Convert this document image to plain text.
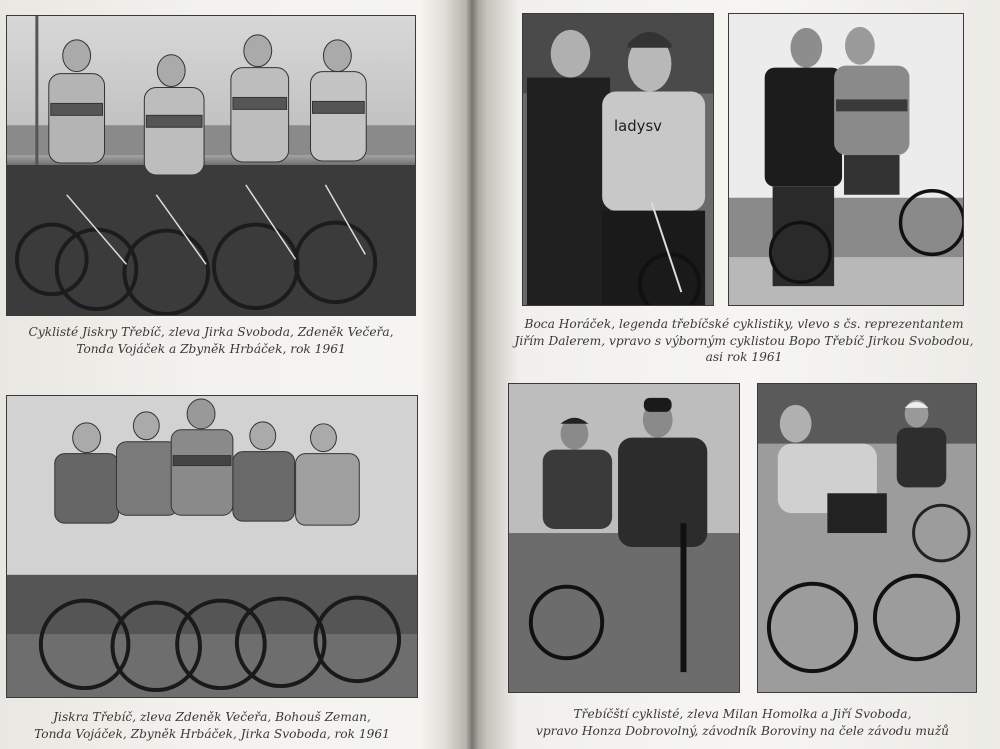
Cyklisté Jiskry Třebíč, zleva Jirka Svoboda, Zdeněk Večeřa,
Tonda Vojáček a Zbyněk Hrbáček, rok 1961
Jiskra Třebíč, zleva Zdeněk Večeřa, Bohouš Zeman,
Tonda Vojáček, Zbyněk Hrbáček, Jirka Svoboda, rok 1961
ladysv
Boca Horáček, legenda třebíčské cyklistiky, vlevo s čs. reprezentantem
Jiřím Dalerem, vpravo s výborným cyklistou Bopo Třebíč Jirkou Svobodou,
asi rok 1961
Třebíčští cyklisté, zleva Milan Homolka a Jiří Svoboda,
vpravo Honza Dobrovolný, závodník Boroviny na čele závodu mužů
